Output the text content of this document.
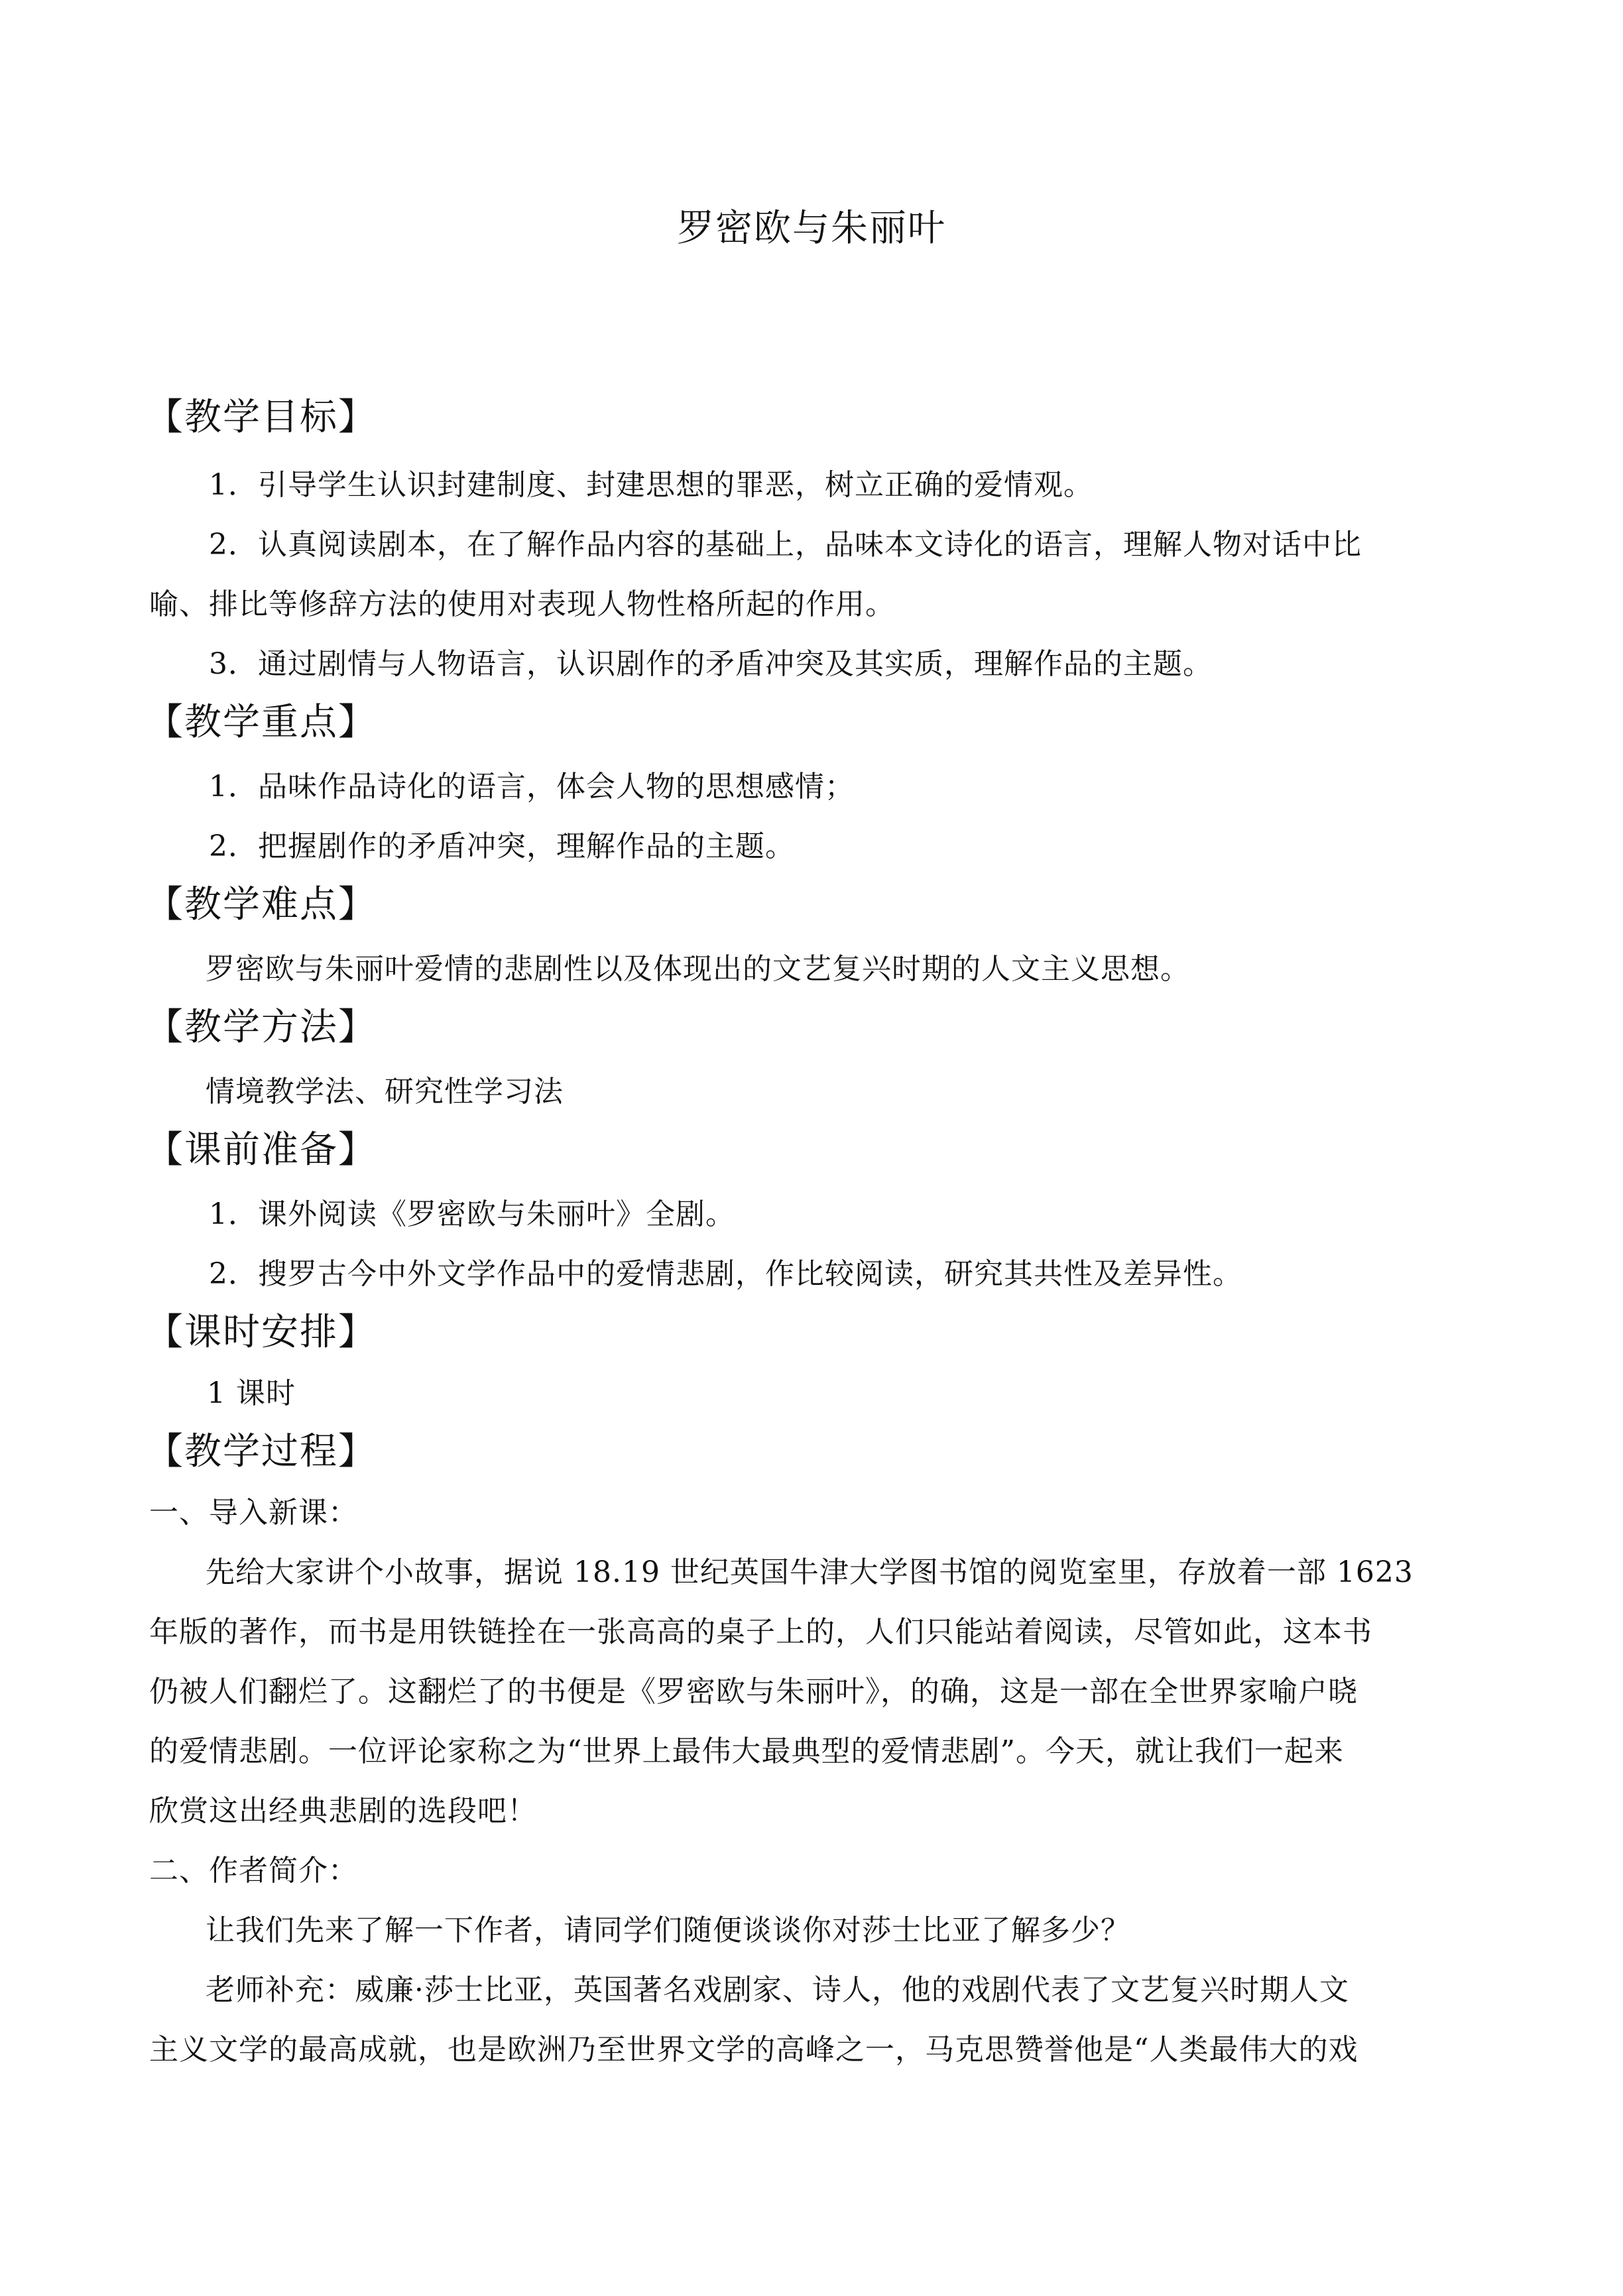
罗密欧与朱丽叶
【教学目标】
1．引导学生认识封建制度、封建思想的罪恶，树立正确的爱情观。
2．认真阅读剧本，在了解作品内容的基础上，品味本文诗化的语言，理解人物对话中比
喻、排比等修辞方法的使用对表现人物性格所起的作用。
3．通过剧情与人物语言，认识剧作的矛盾冲突及其实质，理解作品的主题。
【教学重点】
1．品味作品诗化的语言，体会人物的思想感情；
2．把握剧作的矛盾冲突，理解作品的主题。
【教学难点】
罗密欧与朱丽叶爱情的悲剧性以及体现出的文艺复兴时期的人文主义思想。
【教学方法】
情境教学法、研究性学习法
【课前准备】
1．课外阅读《罗密欧与朱丽叶》全剧。
2．搜罗古今中外文学作品中的爱情悲剧，作比较阅读，研究其共性及差异性。
【课时安排】
1 课时
【教学过程】
一、导入新课：
先给大家讲个小故事，据说 18.19 世纪英国牛津大学图书馆的阅览室里，存放着一部 1623
年版的著作，而书是用铁链拴在一张高高的桌子上的，人们只能站着阅读，尽管如此，这本书
仍被人们翻烂了。这翻烂了的书便是《罗密欧与朱丽叶》，的确，这是一部在全世界家喻户晓
的爱情悲剧。一位评论家称之为“世界上最伟大最典型的爱情悲剧”。今天，就让我们一起来
欣赏这出经典悲剧的选段吧！
二、作者简介：
让我们先来了解一下作者，请同学们随便谈谈你对莎士比亚了解多少？
老师补充：威廉·莎士比亚，英国著名戏剧家、诗人，他的戏剧代表了文艺复兴时期人文
主义文学的最高成就，也是欧洲乃至世界文学的高峰之一，马克思赞誉他是“人类最伟大的戏
